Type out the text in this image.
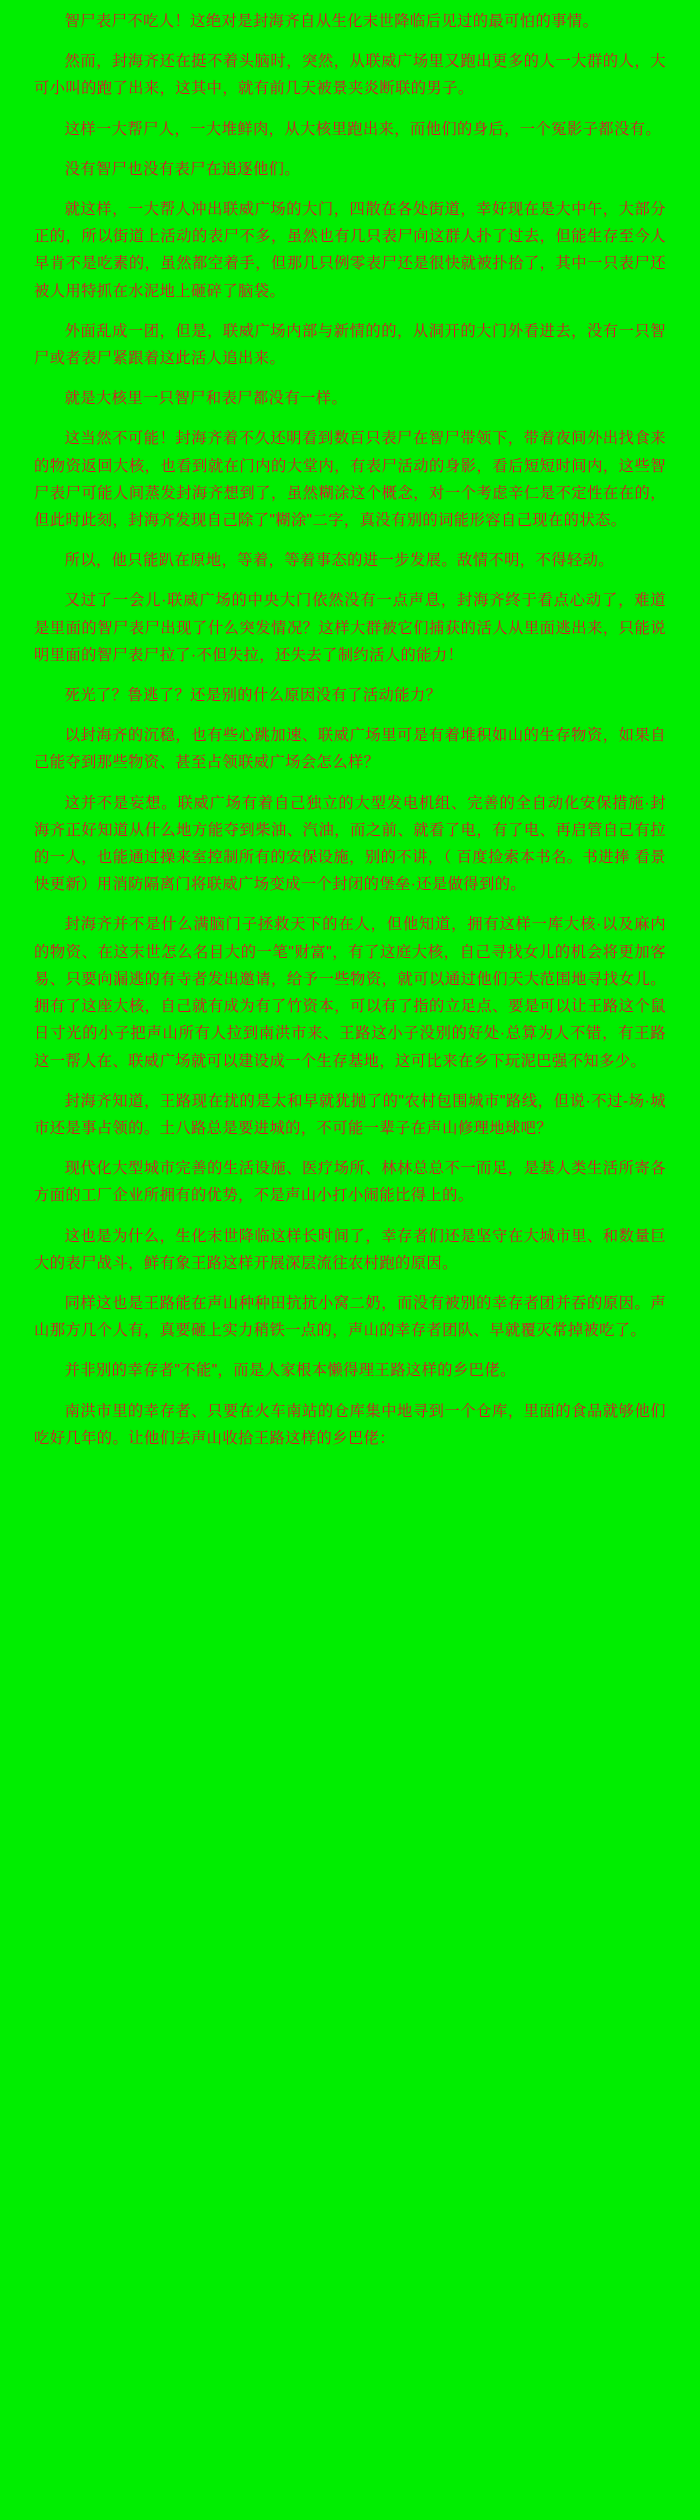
智尸表尸不吃人！这绝对是封海齐自从生化末世降临后见过的最可怕的事情。

然而，封海齐还在挺不着头脑时，突然，从联威广场里又跑出更多的人一大群的人，大可小叫的跑了出来，这其中，就有前几天被景夹炎断联的男子。

这样一大帮尸人，一大堆鲜肉，从大核里跑出来，而他们的身后，一个冤影子都没有。

没有智尸也没有表尸在追逐他们。

就这样，一大帮人冲出联威广场的大门，四散在各处街道，幸好现在是大中午，大部分正的，所以街道上活动的表尸不多，虽然也有几只表尸向这群人扑了过去，但能生存至今人早肯不是吃素的，虽然都空着手，但那几只例零表尸还是很快就被扑拾了，其中一只表尸还被人用特抓在水泥地上砸碎了脑袋。

外面乱成一团，但是，联威广场内部与新情的的，从洞开的大门外看进去，没有一只智尸或者表尸紧跟着这此活人追出来。

就是大核里一只智尸和表尸都没有一样。

这当然不可能！封海齐着不久还明看到数百只表尸在智尸带领下，带着夜间外出找食来的物资返回大核，也看到就在门内的大堂内，有表尸活动的身影，看后短短时间内，这些智尸表尸可能人间蒸发封海齐想到了，虽然糊涂这个概念，对一个考虑辛仁是不定性在在的，但此时此刻，封海齐发现自己除了"糊涂"二字，真没有别的词能形容自己现在的状态。

所以，他只能趴在原地，等着，等着事态的进一步发展。敌情不明，不得轻动。

又过了一会儿·联威广场的中央大门依然没有一点声息，封海齐终于看点心动了，难道是里面的智尸表尸出现了什么突发情况？这样大群被它们捕获的活人从里面逃出来，只能说明里面的智尸表尸拉了·不但失拉，还失去了制约活人的能力！

死光了？鲁逃了？还是别的什么原因没有了活动能力？

以封海齐的沉稳，也有些心跳加速、联威广场里可是有着堆积如山的生存物资，如果自己能夺到那些物资、甚至占领联威广场会怎么样？

这并不是妄想。联威广场有着自己独立的大型发电机组、完善的全自动化安保措施·封海齐正好知道从什么地方能夺到柴油、汽油，而之前、就看了电，有了电、再启管自己有拉的一人，也能通过操来室控制所有的安保设施，别的不讲，（ 百度捡索本书名。书进捧 看景快更新）用消防隔离门将联威广场变成一个封闭的堡垒·还是做得到的。

封海齐并不是什么满脑门子拯救天下的在人，但他知道，拥有这样一库大核·以及麻内的物资、在这末世怎么名目大的一笔"财富"，有了这庭大核，自己寻找女儿的机会将更加客易、只要向漏逃的有寺者发出邀请，给予一些物资，就可以通过他们天大范围地寻找女儿。拥有了这座大核，自己就有成为有了竹资本，可以有了指的立足点、要是可以让王路这个鼠日寸光的小子把声山所有人拉到南洪市来、王路这小子没别的好处·总算为人不错，有王路这一帮人在、联威广场就可以建设成一个生存基地，这可比来在乡下玩泥巴强不知多少。

封海齐知道，王路现在扰的是太和早就犹抛了的"农村包围城市"路线，但说·不过-场·城市还是事占领的。土八路总是要进城的，不可能一辈子在声山修理地球吧？

现代化大型城市完善的生活设施、医疗场所、林林总总不一而足，是基人类生活所寄各方面的工厂企业所拥有的优势，不是声山小打小闹能比得上的。

这也是为什么，生化末世降临这样长时间了，幸存者们还是坚守在大城市里、和数量巨大的表尸战斗，鲜有象王路这样开展深层流往农村跑的原因。

同样这也是王路能在声山种种田抗抗小窝二奶，而没有被别的幸存者团并吞的原因。声山那方几个人有，真要砸上实力稍铁一点的，声山的幸存者团队、早就覆灭常掉被吃了。

并非别的幸存者"不能"，而是人家根本懒得理王路这样的乡巴佬。

南洪市里的幸存者、只要在火车南站的仓库集中地寻到一个仓库，里面的食品就够他们吃好几年的。让他们去声山收拾王路这样的乡巴佬：
